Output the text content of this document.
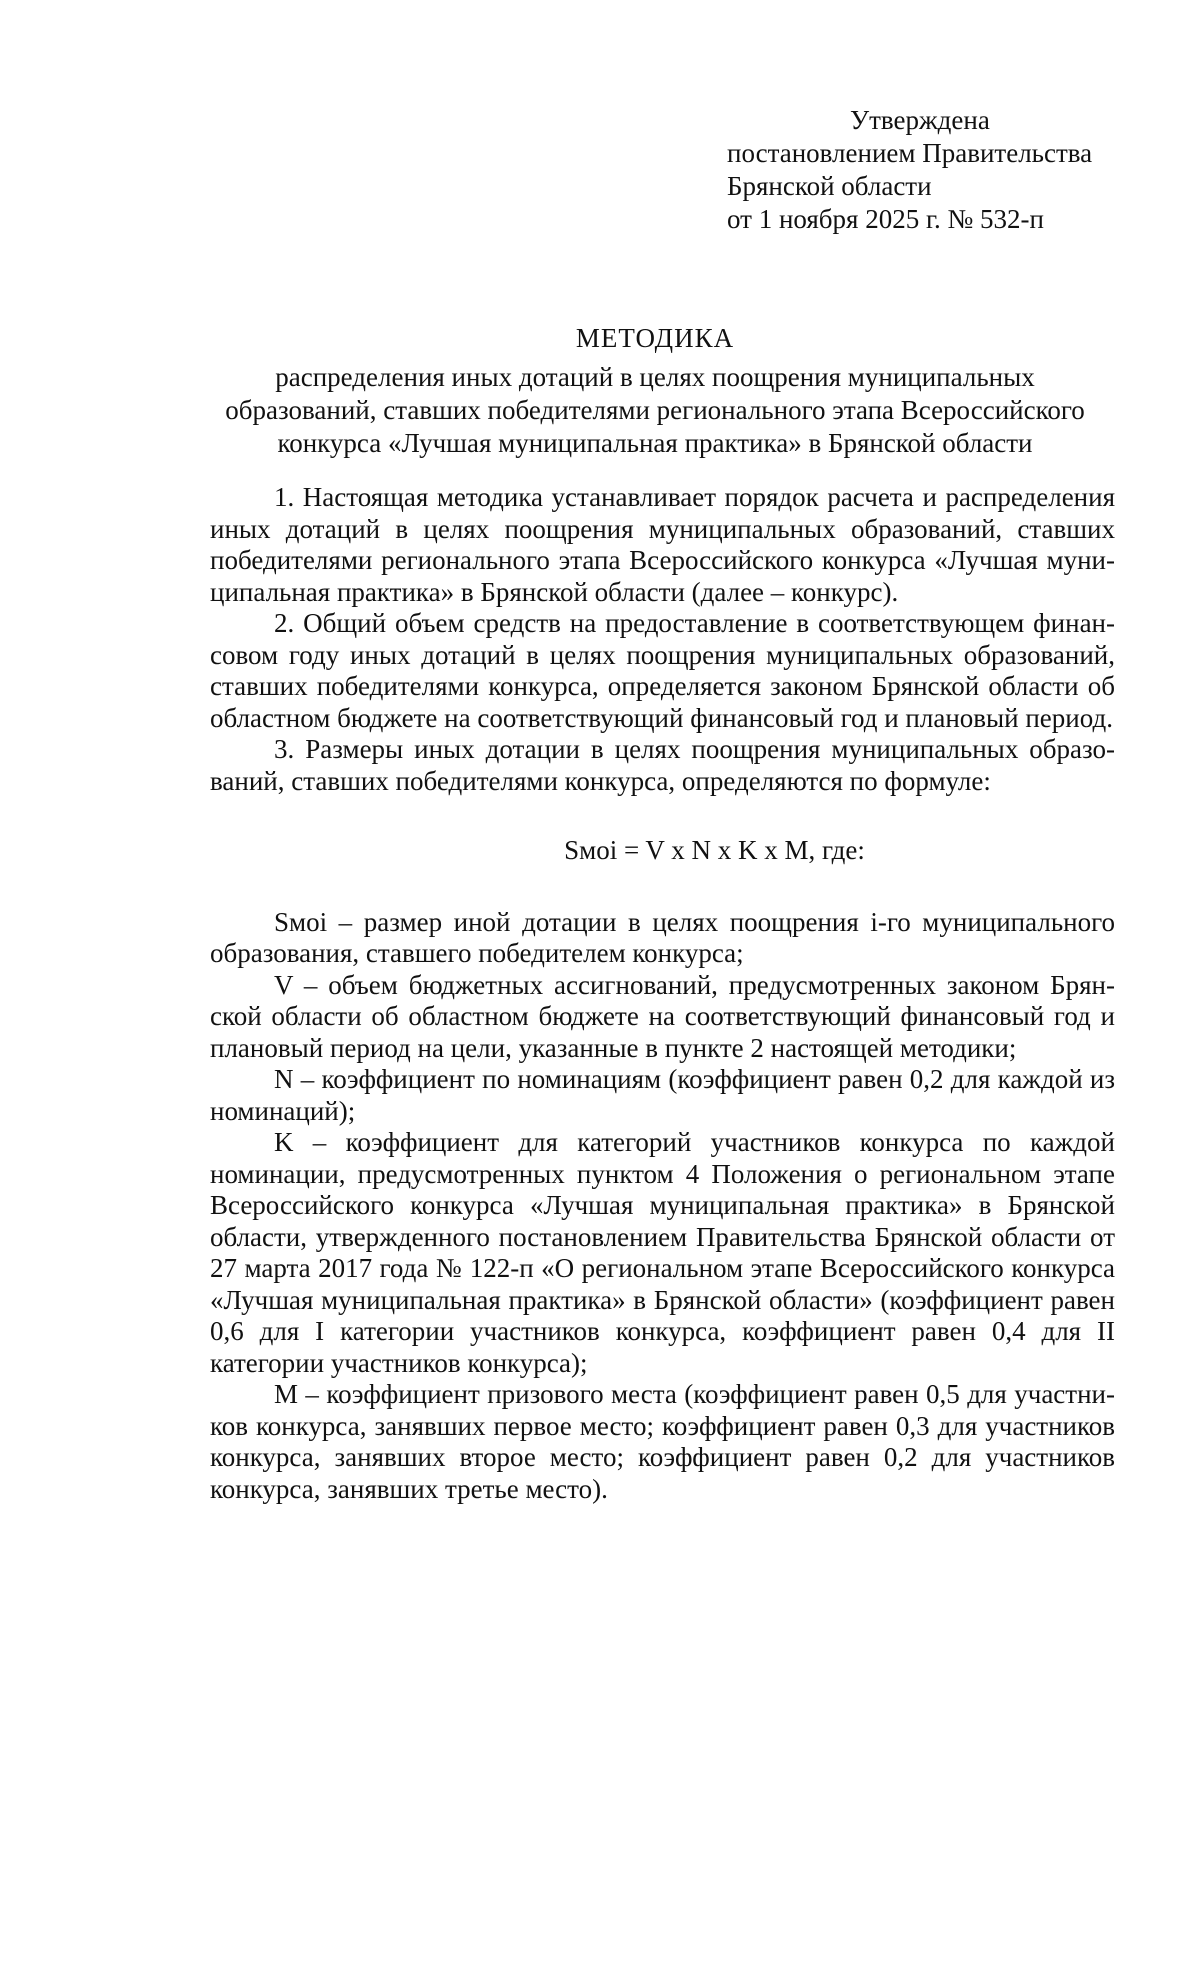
Утверждена
постановлением Правительства
Брянской области
от 1 ноября 2025 г. № 532-п
МЕТОДИКА
распределения иных дотаций в целях поощрения муниципальных
образований, ставших победителями регионального этапа Всероссийского
конкурса «Лучшая муниципальная практика» в Брянской области

1. Настоящая методика устанавливает порядок расчета и распределения иных дотаций в целях поощрения муниципальных образований, ставших победителями регионального этапа Всероссийского конкурса «Лучшая муниципальная практика» в Брянской области (далее – конкурс).

2. Общий объем средств на предоставление в соответствующем финансовом году иных дотаций в целях поощрения муниципальных образований, ставших победителями конкурса, определяется законом Брянской области об областном бюджете на соответствующий финансовый год и плановый период.

3. Размеры иных дотации в целях поощрения муниципальных образований, ставших победителями конкурса, определяются по формуле:

Sмоi = V x N x K x M, где:

Sмоi – размер иной дотации в целях поощрения i-го муниципального образования, ставшего победителем конкурса;

V – объем бюджетных ассигнований, предусмотренных законом Брянской области об областном бюджете на соответствующий финансовый год и плановый период на цели, указанные в пункте 2 настоящей методики;

N – коэффициент по номинациям (коэффициент равен 0,2 для каждой из номинаций);

K – коэффициент для категорий участников конкурса по каждой номинации, предусмотренных пунктом 4 Положения о региональном этапе Всероссийского конкурса «Лучшая муниципальная практика» в Брянской области, утвержденного постановлением Правительства Брянской области от 27 марта 2017 года № 122-п «О региональном этапе Всероссийского конкурса «Лучшая муниципальная практика» в Брянской области» (коэффициент равен 0,6 для I категории участников конкурса, коэффициент равен 0,4 для II категории участников конкурса);

M – коэффициент призового места (коэффициент равен 0,5 для участников конкурса, занявших первое место; коэффициент равен 0,3 для участников конкурса, занявших второе место; коэффициент равен 0,2 для участников конкурса, занявших третье место).
